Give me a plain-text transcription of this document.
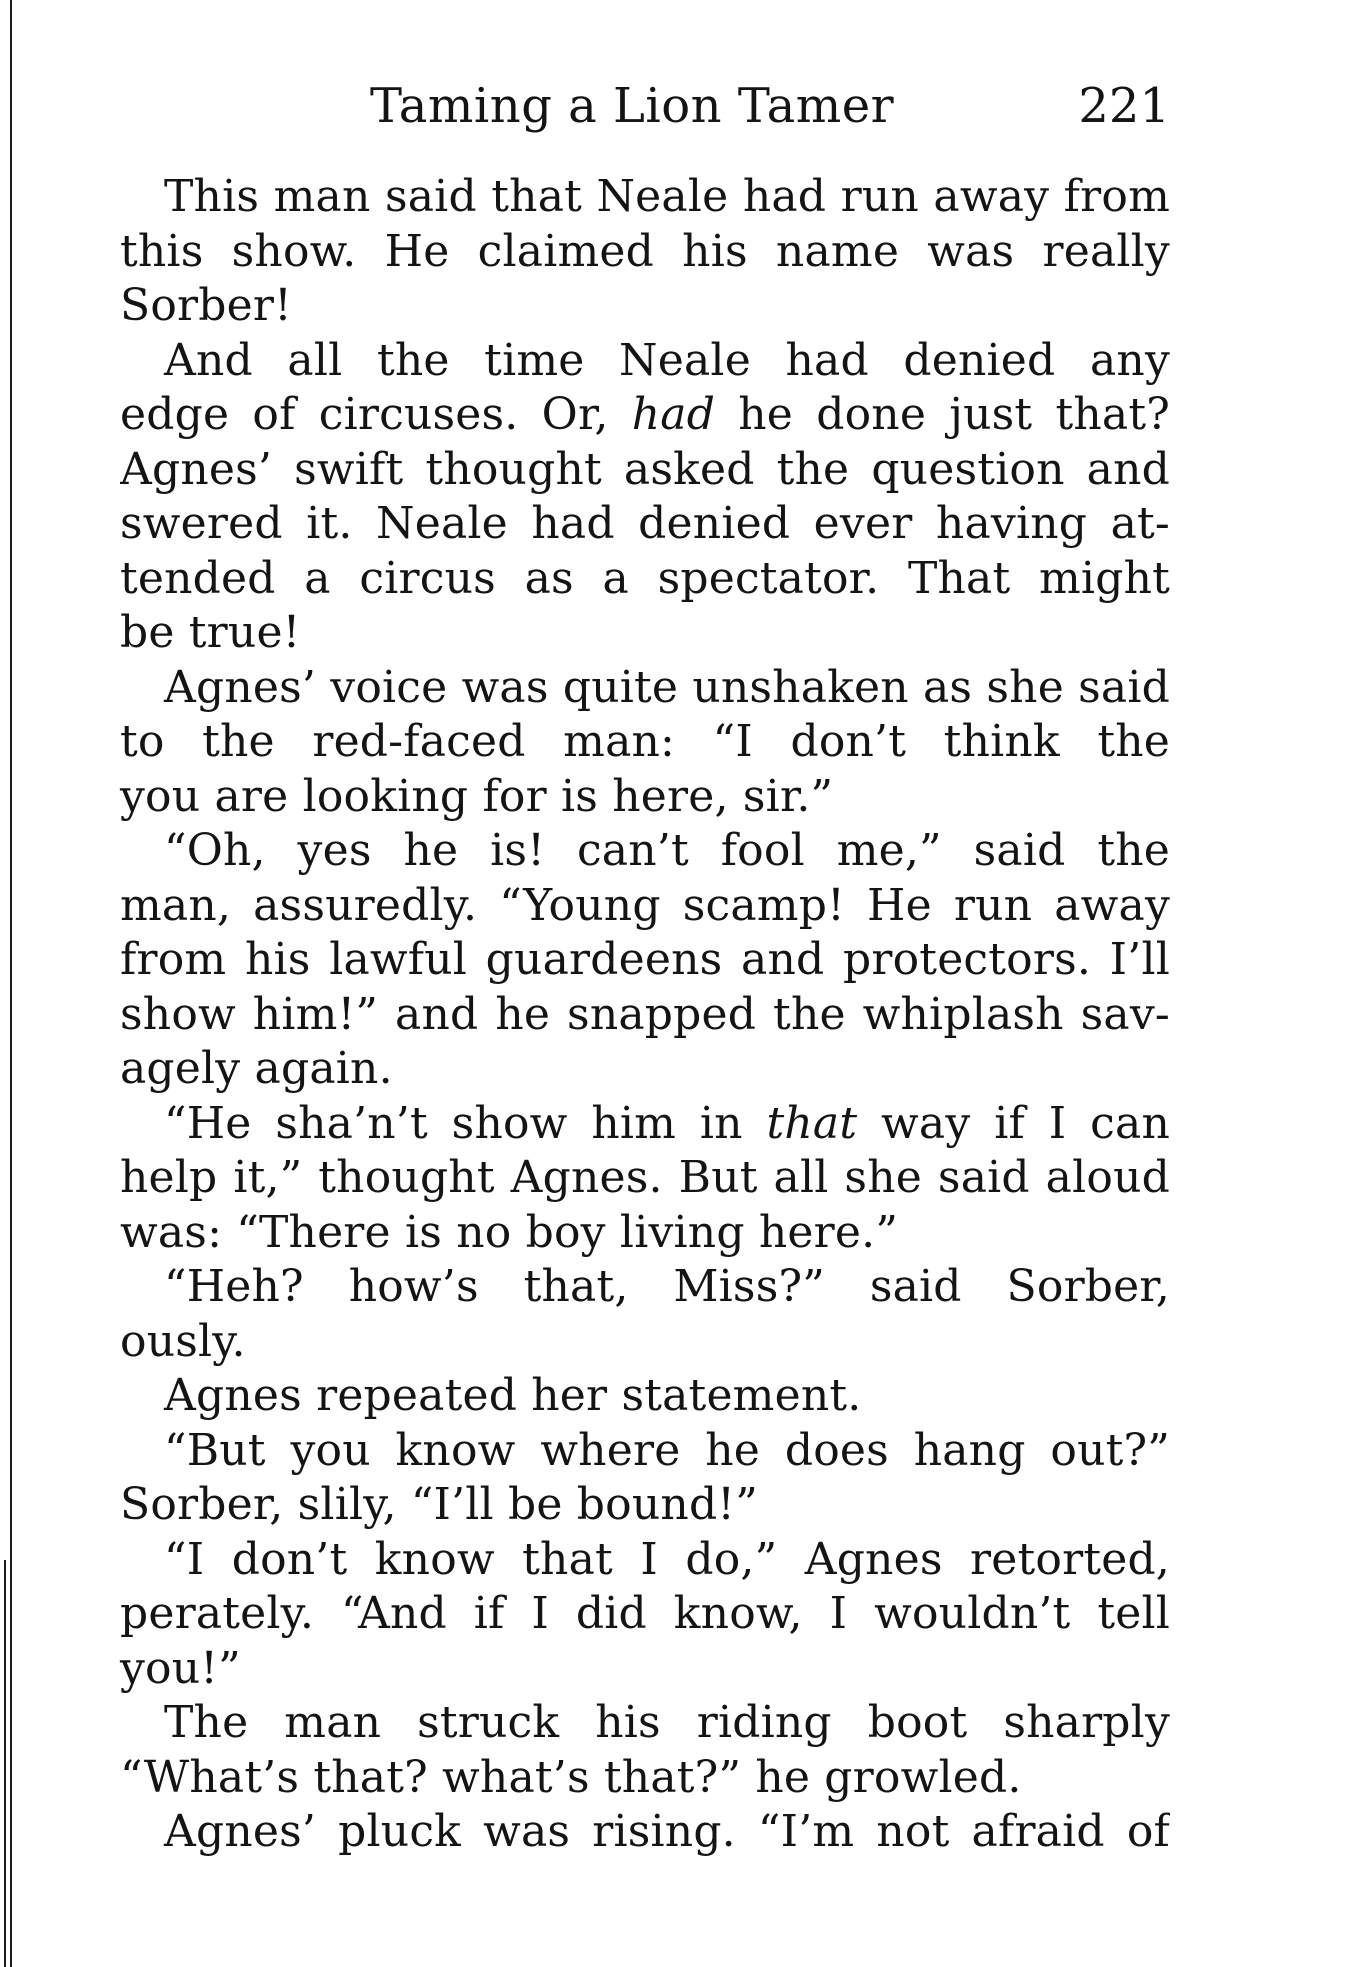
Taming a Lion Tamer	221
This man said that Neale had run away from
this show. He claimed his name was really
Sorber!
And all the time Neale had denied any
edge of circuses. Or, had he done just that?
Agnes’ swift thought asked the question and
swered it. Neale had denied ever having at-
tended a circus as a spectator. That might
be true!
Agnes’ voice was quite unshaken as she said
to the red-faced man: “I don’t think the
you are looking for is here, sir.”
“Oh, yes he is! can’t fool me,” said the
man, assuredly. “Young scamp! He run away
from his lawful guardeens and protectors. I’ll
show him!” and he snapped the whiplash sav-
agely again.
“He sha’n’t show him in that way if I can
help it,” thought Agnes. But all she said aloud
was: “There is no boy living here.”
“Heh? how’s that, Miss?” said Sorber,
ously.
Agnes repeated her statement.
“But you know where he does hang out?”
Sorber, slily, “I’ll be bound!”
“I don’t know that I do,” Agnes retorted,
perately. “And if I did know, I wouldn’t tell
you!”
The man struck his riding boot sharply
“What’s that? what’s that?” he growled.
Agnes’ pluck was rising. “I’m not afraid of
